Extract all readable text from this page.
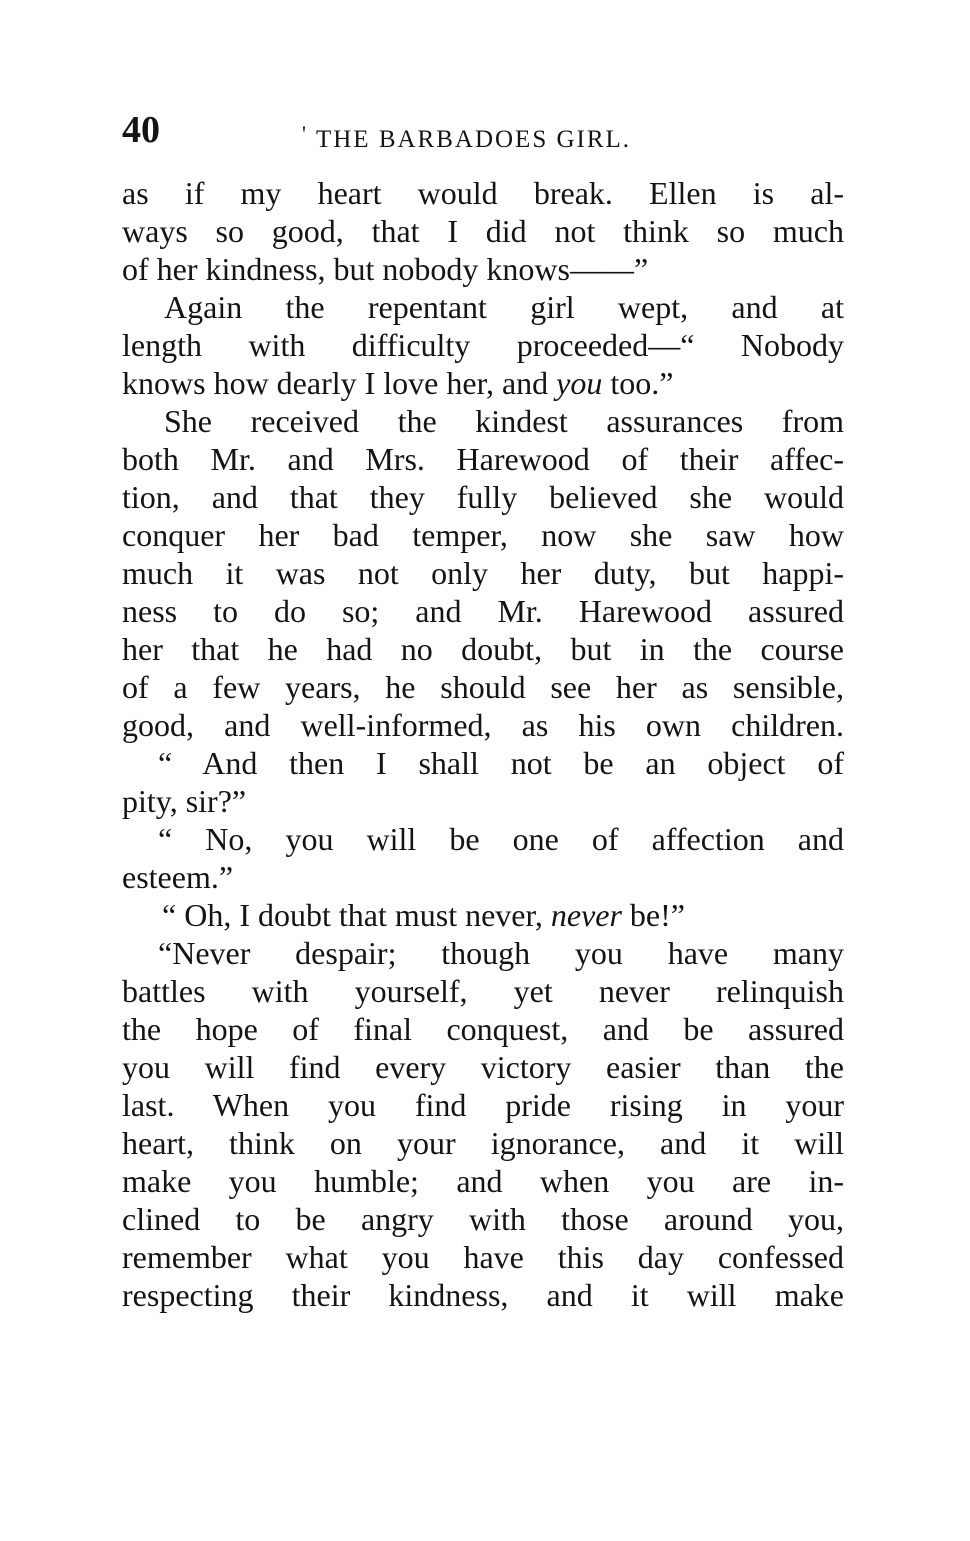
40	' THE BARBADOES GIRL.
as if my heart would break. Ellen is al-
ways so good, that I did not think so much
of her kindness, but nobody knows——”
Again the repentant girl wept, and at
length with difficulty proceeded—“ Nobody
knows how dearly I love her, and you too.”
She received the kindest assurances from
both Mr. and Mrs. Harewood of their affec-
tion, and that they fully believed she would
conquer her bad temper, now she saw how
much it was not only her duty, but happi-
ness to do so; and Mr. Harewood assured
her that he had no doubt, but in the course
of a few years, he should see her as sensible,
good, and well-informed, as his own children.
“ And then I shall not be an object of
pity, sir?”
“ No, you will be one of affection and
esteem.”
“ Oh, I doubt that must never, never be!”
“Never despair; though you have many
battles with yourself, yet never relinquish
the hope of final conquest, and be assured
you will find every victory easier than the
last. When you find pride rising in your
heart, think on your ignorance, and it will
make you humble; and when you are in-
clined to be angry with those around you,
remember what you have this day confessed
respecting their kindness, and it will make
